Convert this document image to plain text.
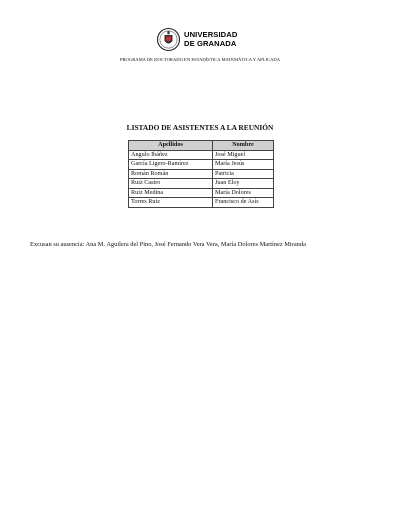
UNIVERSIDAD
DE GRANADA
PROGRAMA DE DOCTORADO EN ESTADÍSTICA MATEMÁTICA Y APLICADA
LISTADO DE ASISTENTES A LA REUNIÓN
Apellidos	Nombre
Angulo Ibáñez	José Miguel
García Ligero-Ramírez	María Jesús
Román Román	Patricia
Ruiz Castro	Juan Eloy
Ruiz Medina	María Dolores
Torres Ruiz	Francisco de Asís
Excusan su ausencia: Ana M. Aguilera del Pino, José Fernando Vera Vera, María Dolores Martínez Miranda
